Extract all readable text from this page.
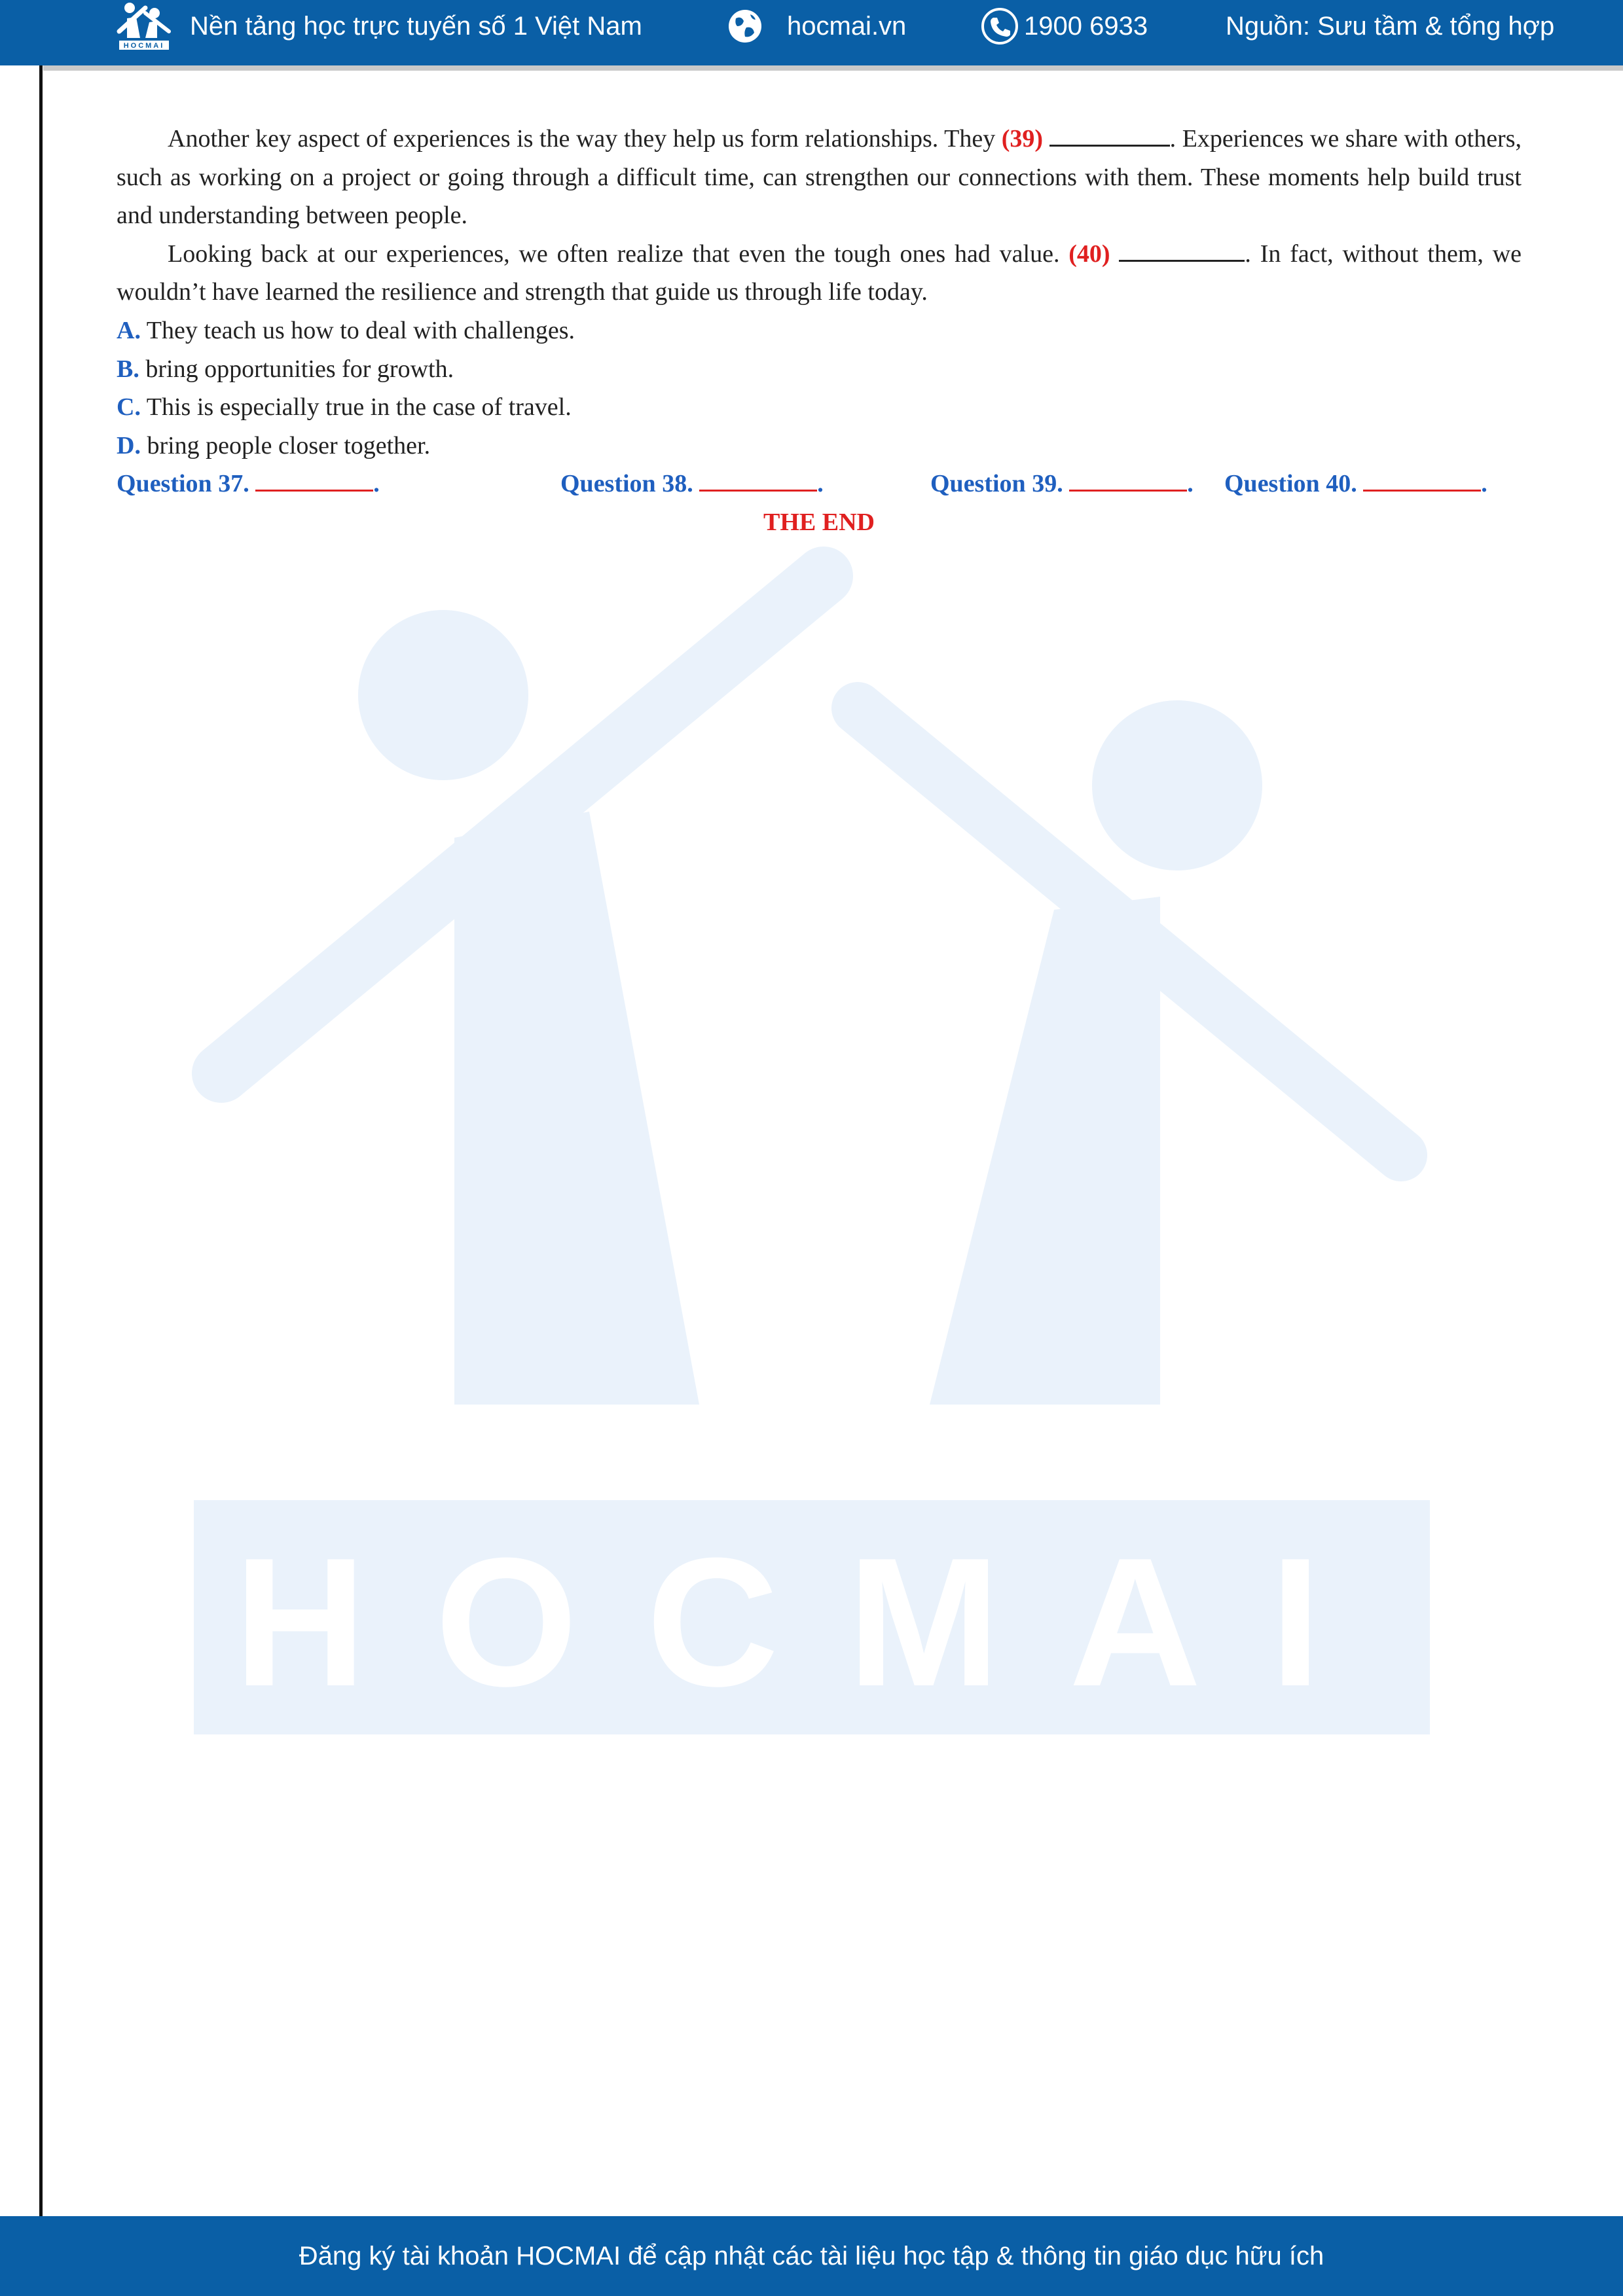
HOCMAI
HOCMAI
Nền tảng học trực tuyến số 1 Việt Nam	hocmai.vn	1900 6933	Nguồn: Sưu tầm & tổng hợp

Another key aspect of experiences is the way they help us form relationships. They (39)	. Experiences we share with others, such as working on a project or going through a difficult time, can strengthen our connections with them. These moments help build trust and understanding between people.

Looking back at our experiences, we often realize that even the tough ones had value. (40)	. In fact, without them, we wouldn’t have learned the resilience and strength that guide us through life today.

A. They teach us how to deal with challenges.

B. bring opportunities for growth.

C. This is especially true in the case of travel.

D. bring people closer together.

Question 37.	.	Question 38.	.	Question 39.	. Question 40.	.

THE END

Đăng ký tài khoản HOCMAI để cập nhật các tài liệu học tập & thông tin giáo dục hữu ích
